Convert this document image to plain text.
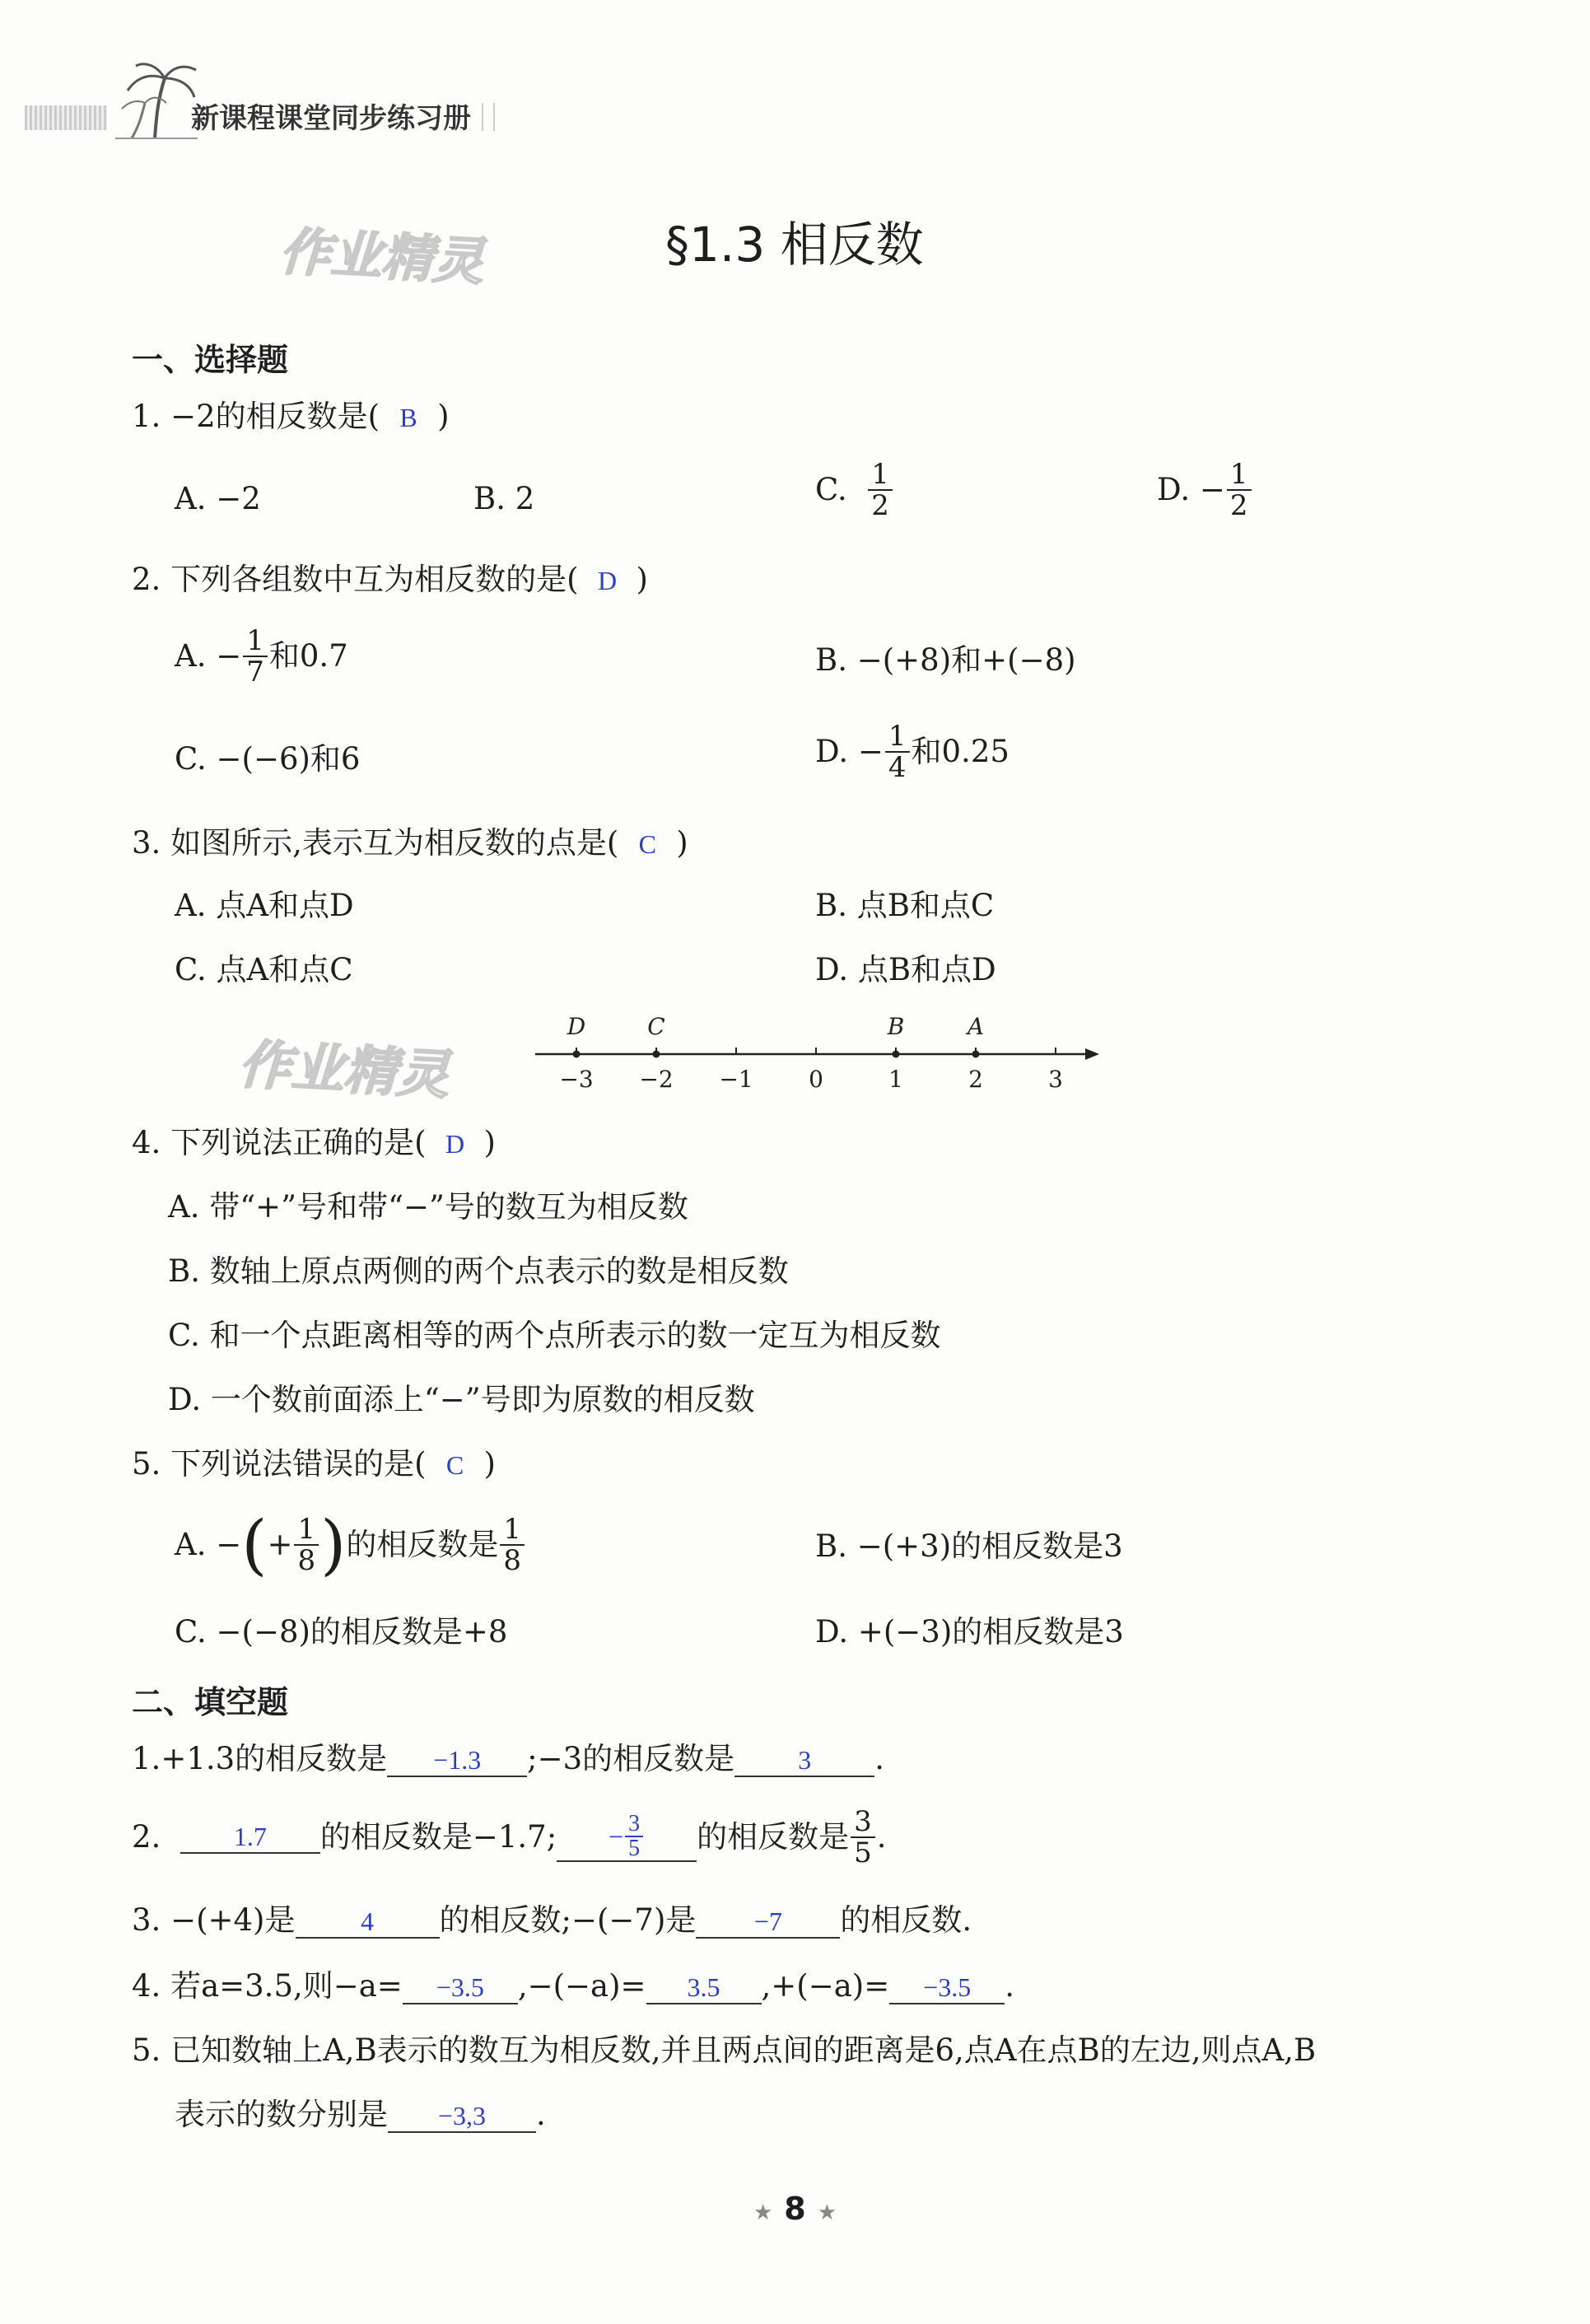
新课程课堂同步练习册
作业精灵
作业精灵
§1.3 相反数
一、选择题
1. −2的相反数是( B )
A. −2	B. 2	C.
$\frac{1}{2}$	D. − $\frac{1}{2}$
2. 下列各组数中互为相反数的是( D )
A. − $\frac{1}{7}$ 和0.7	B. −(+8)和+(−8)
C. −(−6)和6	D. − $\frac{1}{4}$ 和0.25
3. 如图所示,表示互为相反数的点是( C )
A. 点A和点D	B. 点B和点C
C. 点A和点C	D. 点B和点D
−3 −2 −1 0	1	2	3
D	C	B	A
4. 下列说法正确的是( D )
A. 带“+”号和带“−”号的数互为相反数
B. 数轴上原点两侧的两个点表示的数是相反数
C. 和一个点距离相等的两个点所表示的数一定互为相反数
D. 一个数前面添上“−”号即为原数的相反数
5. 下列说法错误的是( C )
A. − ( + $\frac{1}{8}$ ) 的相反数是 $\frac{1}{8}$	B. −(+3)的相反数是3
C. −(−8)的相反数是+8	D. +(−3)的相反数是3
二、填空题
1.+1.3的相反数是 −1.3 ;−3的相反数是 3 .
2.
	1.7	的相反数是−1.7; − $\frac{3}{5}$ 的相反数是 $\frac{3}{5}$ .
3. −(+4)是 4 的相反数;−(−7)是 −7 的相反数.
4. 若a=3.5,则−a= −3.5 ,−(−a)= 3.5 ,+(−a)= −3.5 .
5. 已知数轴上A,B表示的数互为相反数,并且两点间的距离是6,点A在点B的左边,则点A,B
表示的数分别是 −3,3 .
★ 8 ★
